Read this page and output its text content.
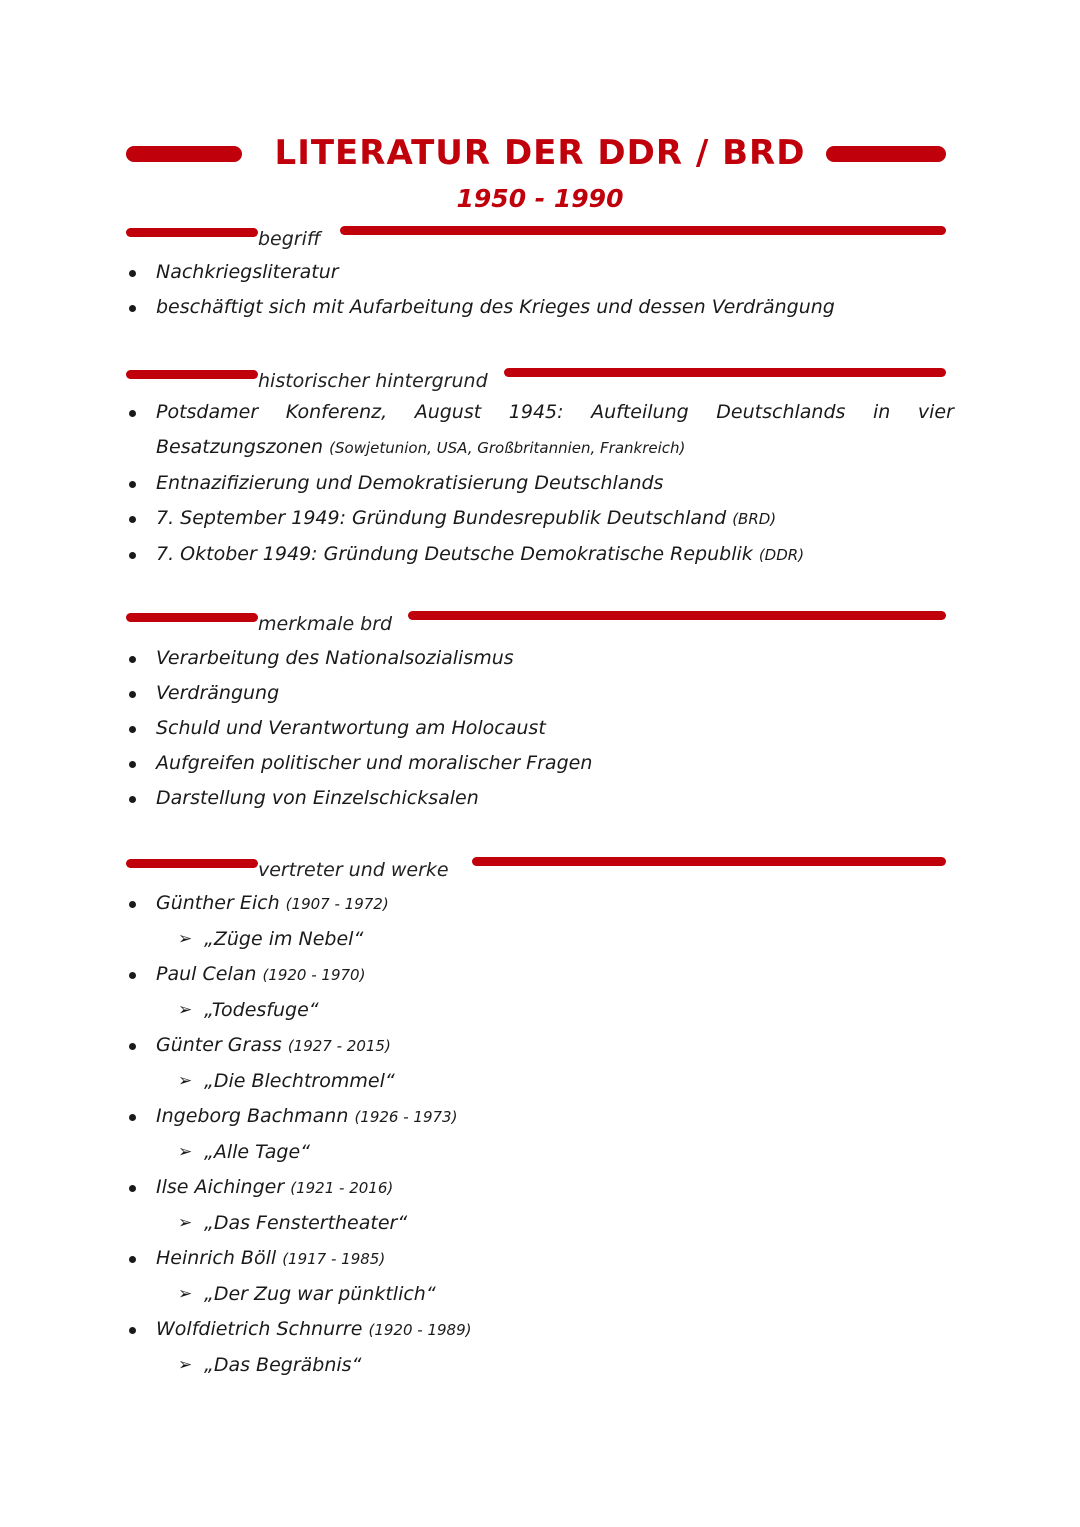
LITERATUR DER DDR / BRD
1950 - 1990
begriff
Nachkriegsliteratur
beschäftigt sich mit Aufarbeitung des Krieges und dessen Verdrängung
historischer hintergrund
Potsdamer Konferenz, August 1945: Aufteilung Deutschlands in vier
Besatzungszonen (Sowjetunion, USA, Großbritannien, Frankreich)
Entnazifizierung und Demokratisierung Deutschlands
7. September 1949: Gründung Bundesrepublik Deutschland (BRD)
7. Oktober 1949: Gründung Deutsche Demokratische Republik (DDR)
merkmale brd
Verarbeitung des Nationalsozialismus
Verdrängung
Schuld und Verantwortung am Holocaust
Aufgreifen politischer und moralischer Fragen
Darstellung von Einzelschicksalen
vertreter und werke
Günther Eich (1907 - 1972)
➢ „Züge im Nebel“
Paul Celan (1920 - 1970)
➢ „Todesfuge“
Günter Grass (1927 - 2015)
➢ „Die Blechtrommel“
Ingeborg Bachmann (1926 - 1973)
➢ „Alle Tage“
Ilse Aichinger (1921 - 2016)
➢ „Das Fenstertheater“
Heinrich Böll (1917 - 1985)
➢ „Der Zug war pünktlich“
Wolfdietrich Schnurre (1920 - 1989)
➢ „Das Begräbnis“
